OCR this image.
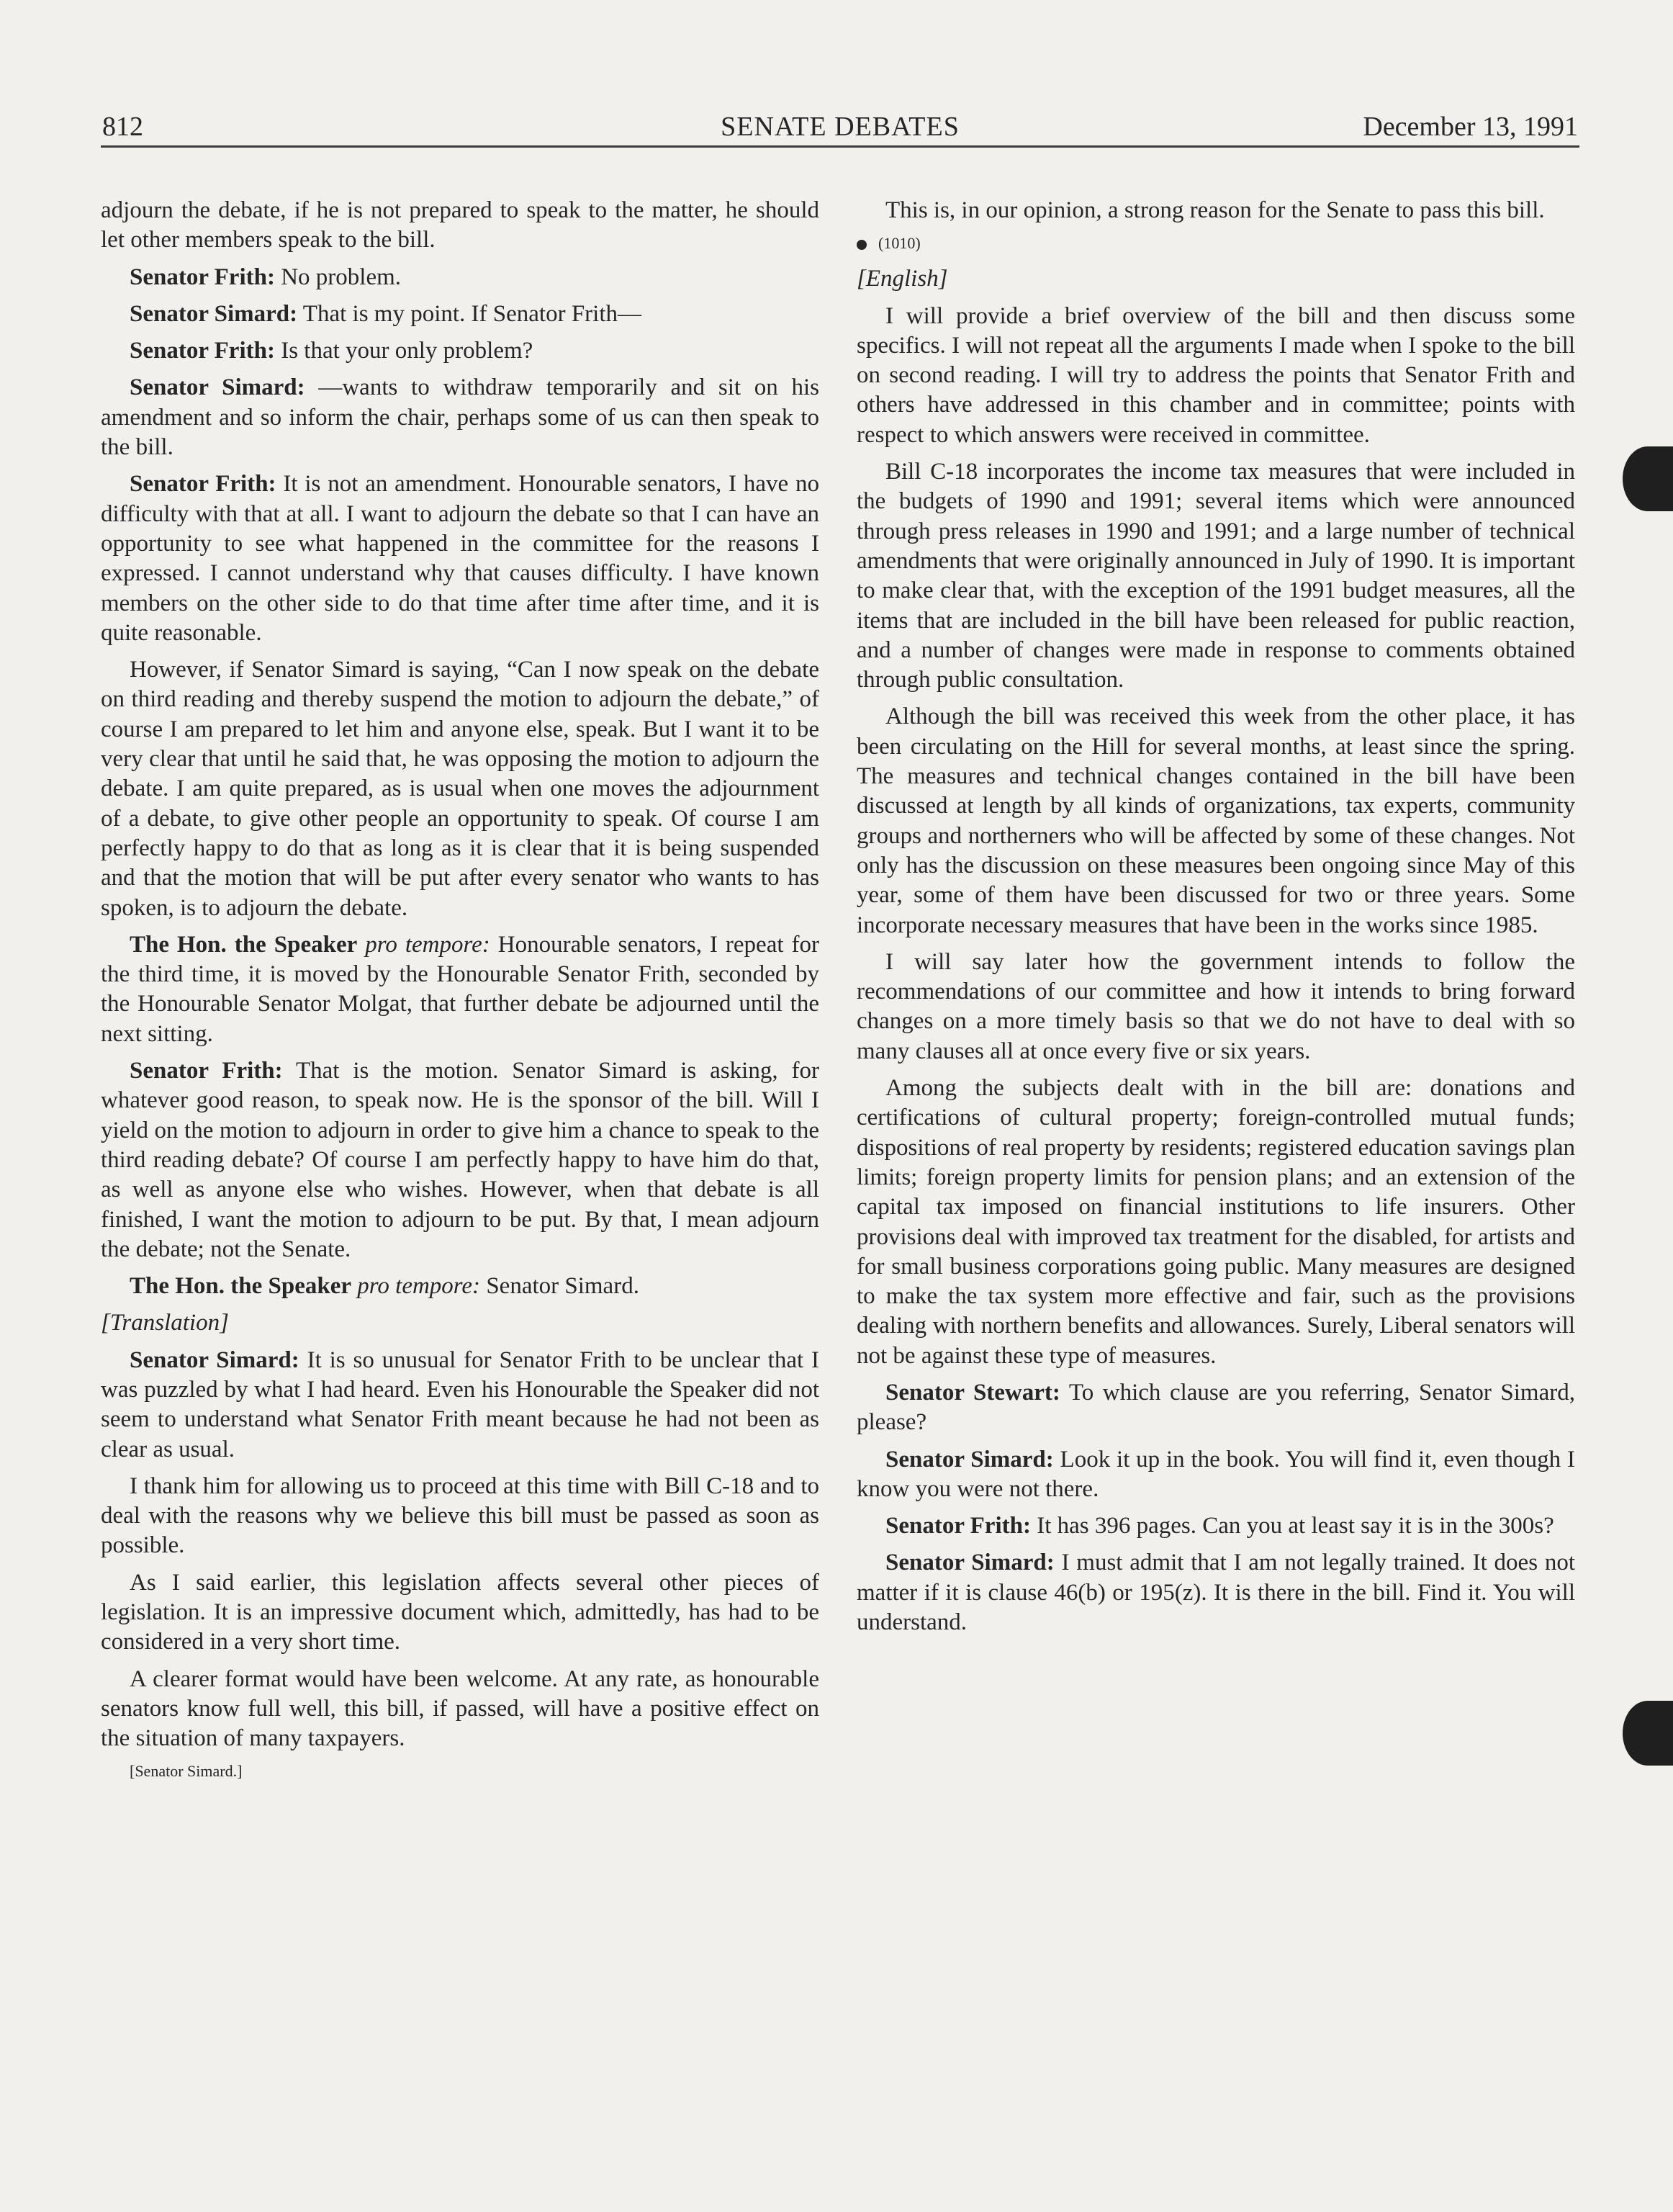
812	SENATE DEBATES	December 13, 1991

adjourn the debate, if he is not prepared to speak to the matter, he should let other members speak to the bill.

Senator Frith: No problem.

Senator Simard: That is my point. If Senator Frith—

Senator Frith: Is that your only problem?

Senator Simard: —wants to withdraw temporarily and sit on his amendment and so inform the chair, perhaps some of us can then speak to the bill.

Senator Frith: It is not an amendment. Honourable senators, I have no difficulty with that at all. I want to adjourn the debate so that I can have an opportunity to see what happened in the committee for the reasons I expressed. I cannot understand why that causes difficulty. I have known members on the other side to do that time after time after time, and it is quite reasonable.

However, if Senator Simard is saying, “Can I now speak on the debate on third reading and thereby suspend the motion to adjourn the debate,” of course I am prepared to let him and anyone else, speak. But I want it to be very clear that until he said that, he was opposing the motion to adjourn the debate. I am quite prepared, as is usual when one moves the adjournment of a debate, to give other people an opportunity to speak. Of course I am perfectly happy to do that as long as it is clear that it is being suspended and that the motion that will be put after every senator who wants to has spoken, is to adjourn the debate.

The Hon. the Speaker pro tempore: Honourable senators, I repeat for the third time, it is moved by the Honourable Senator Frith, seconded by the Honourable Senator Molgat, that further debate be adjourned until the next sitting.

Senator Frith: That is the motion. Senator Simard is asking, for whatever good reason, to speak now. He is the sponsor of the bill. Will I yield on the motion to adjourn in order to give him a chance to speak to the third reading debate? Of course I am perfectly happy to have him do that, as well as anyone else who wishes. However, when that debate is all finished, I want the motion to adjourn to be put. By that, I mean adjourn the debate; not the Senate.

The Hon. the Speaker pro tempore: Senator Simard.

[Translation]

Senator Simard: It is so unusual for Senator Frith to be unclear that I was puzzled by what I had heard. Even his Honourable the Speaker did not seem to understand what Senator Frith meant because he had not been as clear as usual.

I thank him for allowing us to proceed at this time with Bill C-18 and to deal with the reasons why we believe this bill must be passed as soon as possible.

As I said earlier, this legislation affects several other pieces of legislation. It is an impressive document which, admittedly, has had to be considered in a very short time.

A clearer format would have been welcome. At any rate, as honourable senators know full well, this bill, if passed, will have a positive effect on the situation of many taxpayers.

[Senator Simard.]

This is, in our opinion, a strong reason for the Senate to pass this bill.

(1010)
[English]

I will provide a brief overview of the bill and then discuss some specifics. I will not repeat all the arguments I made when I spoke to the bill on second reading. I will try to address the points that Senator Frith and others have addressed in this chamber and in committee; points with respect to which answers were received in committee.

Bill C-18 incorporates the income tax measures that were included in the budgets of 1990 and 1991; several items which were announced through press releases in 1990 and 1991; and a large number of technical amendments that were originally announced in July of 1990. It is important to make clear that, with the exception of the 1991 budget measures, all the items that are included in the bill have been released for public reaction, and a number of changes were made in response to comments obtained through public consultation.

Although the bill was received this week from the other place, it has been circulating on the Hill for several months, at least since the spring. The measures and technical changes contained in the bill have been discussed at length by all kinds of organizations, tax experts, community groups and northerners who will be affected by some of these changes. Not only has the discussion on these measures been ongoing since May of this year, some of them have been discussed for two or three years. Some incorporate necessary measures that have been in the works since 1985.

I will say later how the government intends to follow the recommendations of our committee and how it intends to bring forward changes on a more timely basis so that we do not have to deal with so many clauses all at once every five or six years.

Among the subjects dealt with in the bill are: donations and certifications of cultural property; foreign-controlled mutual funds; dispositions of real property by residents; registered education savings plan limits; foreign property limits for pension plans; and an extension of the capital tax imposed on financial institutions to life insurers. Other provisions deal with improved tax treatment for the disabled, for artists and for small business corporations going public. Many measures are designed to make the tax system more effective and fair, such as the provisions dealing with northern benefits and allowances. Surely, Liberal senators will not be against these type of measures.

Senator Stewart: To which clause are you referring, Senator Simard, please?

Senator Simard: Look it up in the book. You will find it, even though I know you were not there.

Senator Frith: It has 396 pages. Can you at least say it is in the 300s?

Senator Simard: I must admit that I am not legally trained. It does not matter if it is clause 46(b) or 195(z). It is there in the bill. Find it. You will understand.
